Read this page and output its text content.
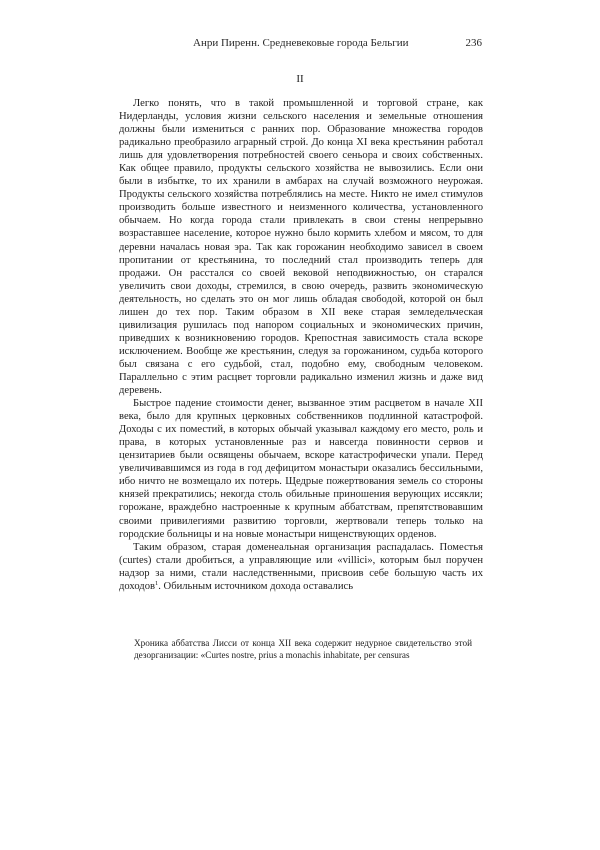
Анри Пиренн. Средневековые города Бельгии	236
II

Легко понять, что в такой промышленной и торговой стране, как Нидерланды, условия жизни сельского населения и земельные отношения должны были измениться с ранних пор. Образование множества городов радикально преобразило аграрный строй. До конца XI века крестьянин работал лишь для удовлетворения потребностей своего сеньора и своих собственных. Как общее правило, продукты сельского хозяйства не вывозились. Если они были в избытке, то их хранили в амбарах на случай возможного неурожая. Продукты сельского хозяйства потреблялись на месте. Никто не имел стимулов производить больше известного и неизменного количества, установленного обычаем. Но когда города стали привлекать в свои стены непрерывно возраставшее население, которое нужно было кормить хлебом и мясом, то для деревни началась новая эра. Так как горожанин необходимо зависел в своем пропитании от крестьянина, то последний стал производить теперь для продажи. Он расстался со своей вековой неподвижностью, он старался увеличить свои доходы, стремился, в свою очередь, развить экономическую деятельность, но сделать это он мог лишь обладая свободой, которой он был лишен до тех пор. Таким образом в XII веке старая земледельческая цивилизация рушилась под напором социальных и экономических причин, приведших к возникновению городов. Крепостная зависимость стала вскоре исключением. Вообще же крестьянин, следуя за горожанином, судьба которого был связана с его судьбой, стал, подобно ему, свободным человеком. Параллельно с этим расцвет торговли радикально изменил жизнь и даже вид деревень.

Быстрое падение стоимости денег, вызванное этим расцветом в начале XII века, было для крупных церковных собственников подлинной катастрофой. Доходы с их поместий, в которых обычай указывал каждому его место, роль и права, в которых установленные раз и навсегда повинности сервов и цензитариев были освящены обычаем, вскоре катастрофически упали. Перед увеличивавшимся из года в год дефицитом монастыри оказались бессильными, ибо ничто не возмещало их потерь. Щедрые пожертвования земель со стороны князей прекратились; некогда столь обильные приношения верующих иссякли; горожане, враждебно настроенные к крупным аббатствам, препятствовавшим своими привилегиями развитию торговли, жертвовали теперь только на городские больницы и на новые монастыри нищенствующих орденов.

Таким образом, старая доменеальная организация распадалась. Поместья (curtes) стали дробиться, а управляющие или «villici», которым был поручен надзор за ними, стали наследственными, присвоив себе большую часть их доходов$^1$. Обильным источником дохода оставались

Хроника аббатства Лисси от конца XII века содержит недурное свидетельство этой дезорганизации: «Curtes nostre, prius a monachis inhabitate, per censuras
